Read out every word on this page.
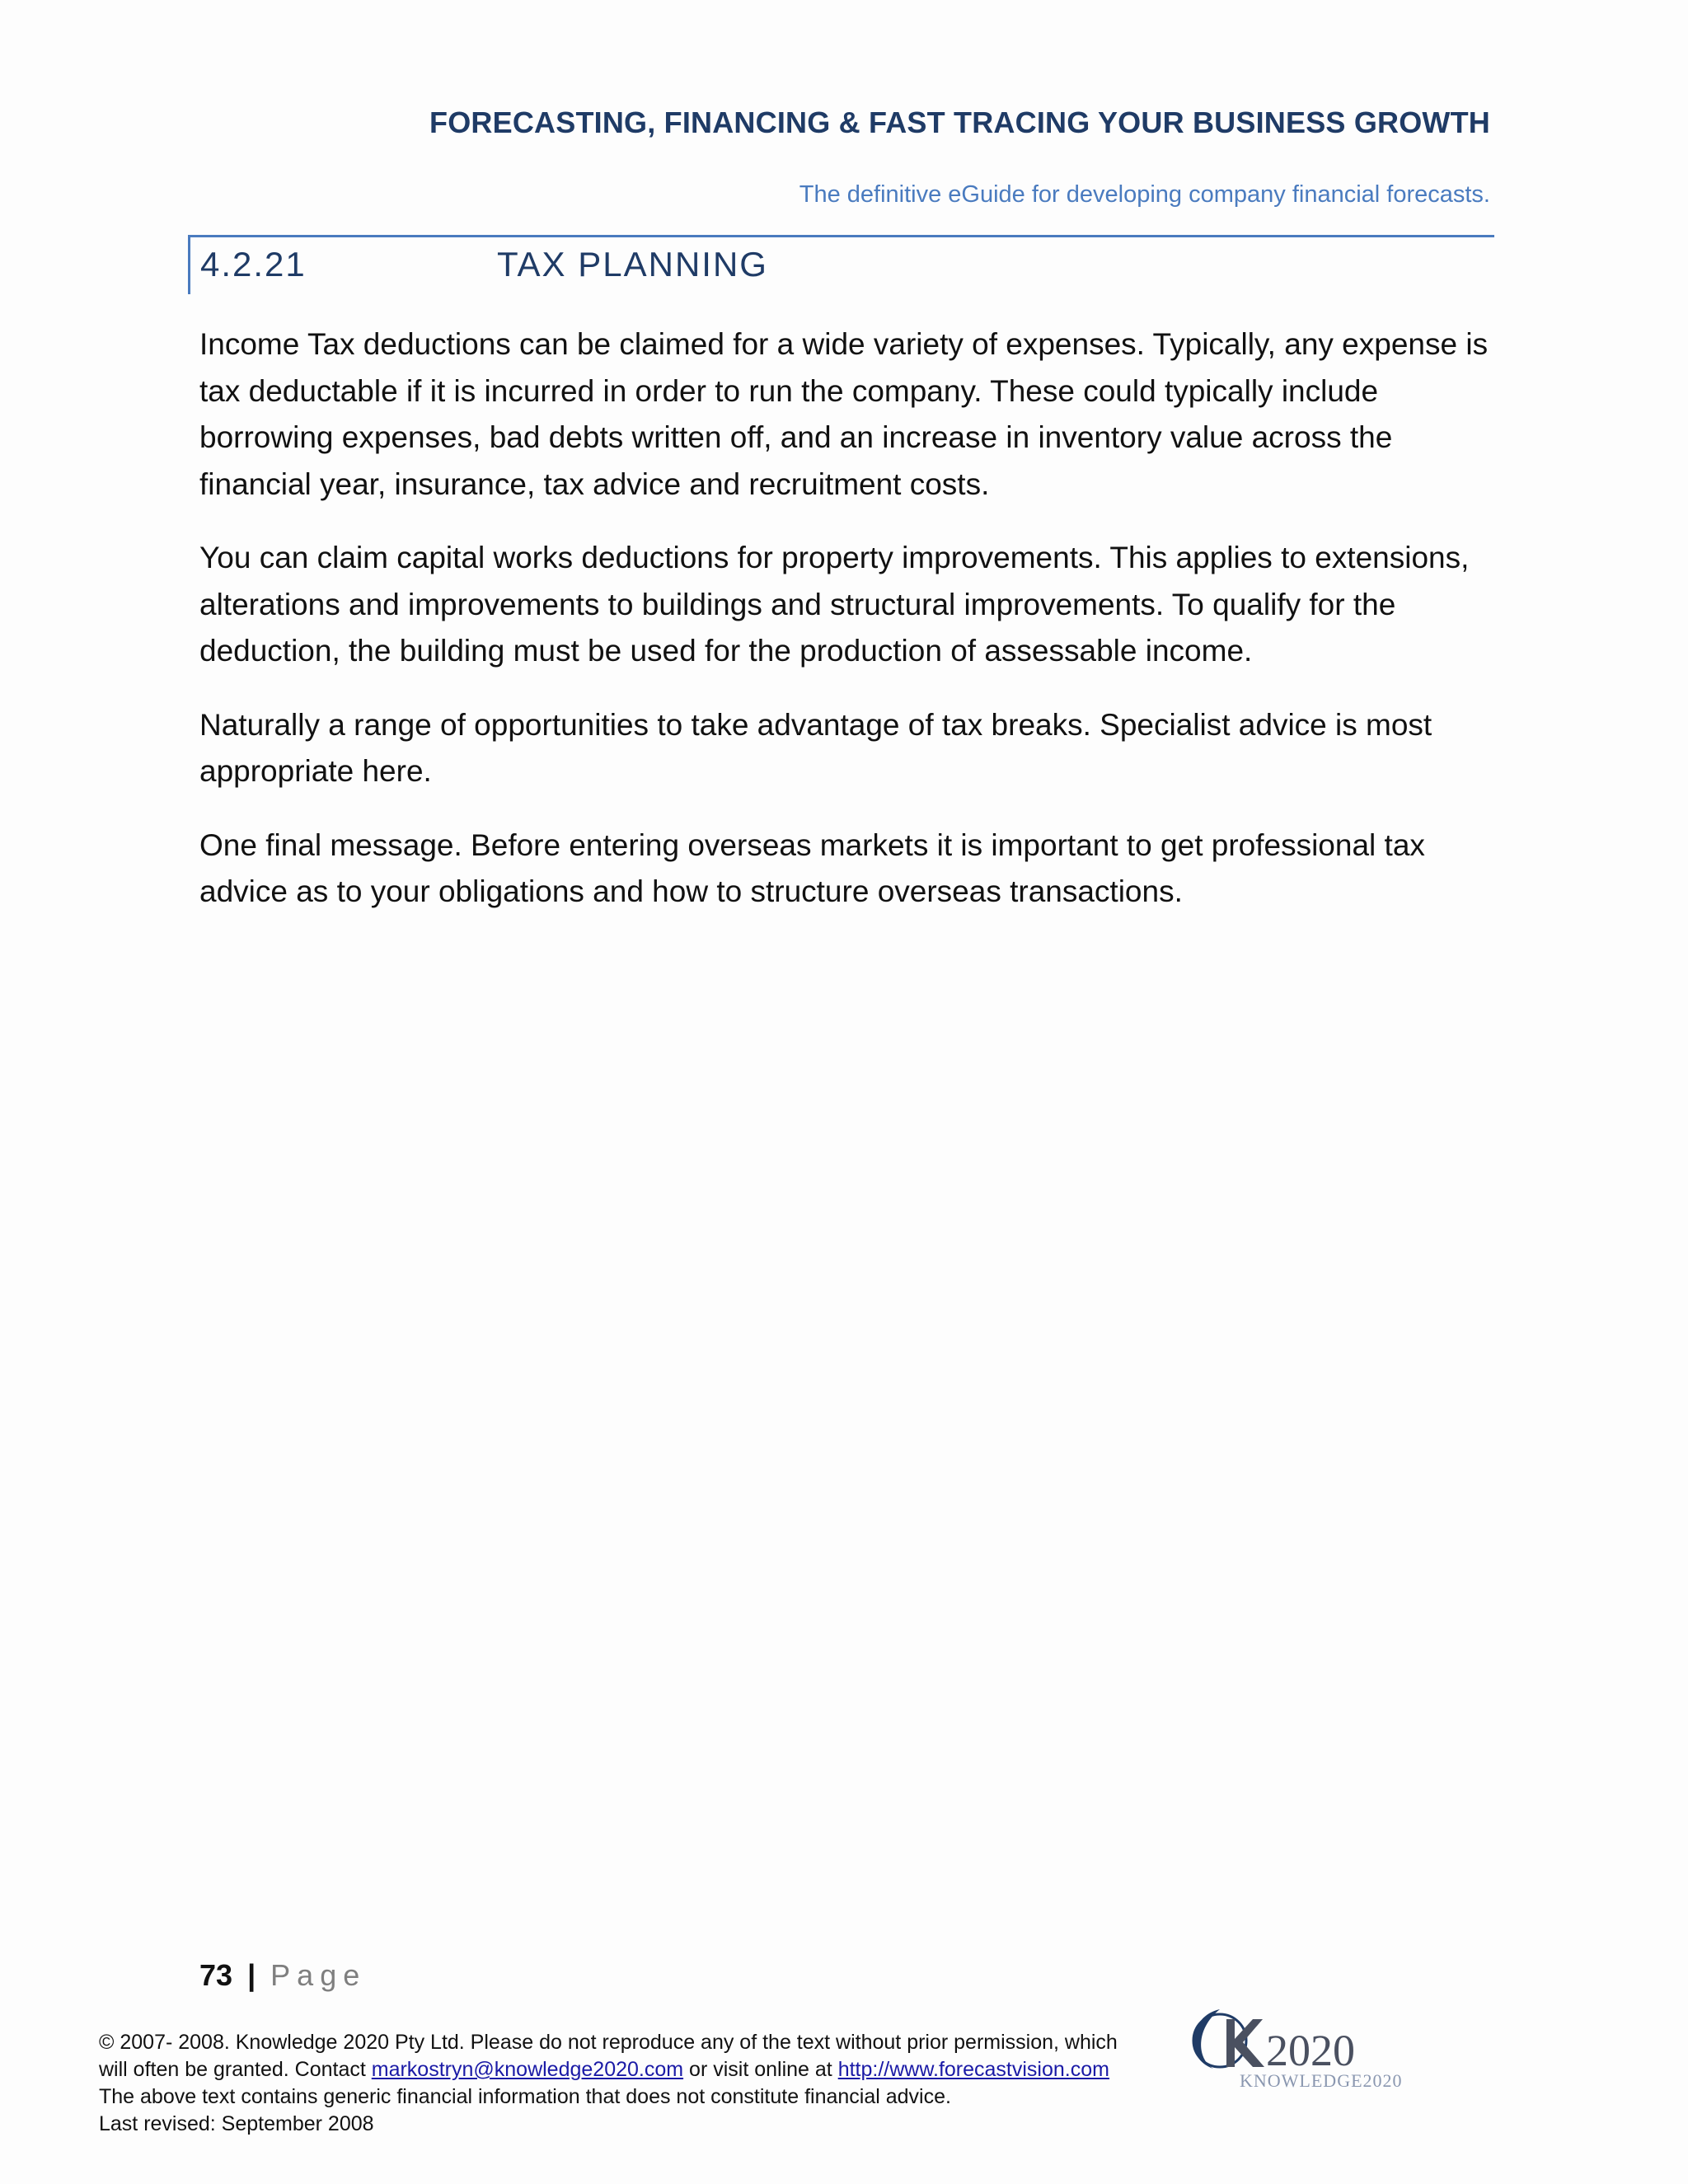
FORECASTING, FINANCING & FAST TRACING YOUR BUSINESS GROWTH
The definitive eGuide for developing company financial forecasts.
4.2.21	TAX PLANNING

Income Tax deductions can be claimed for a wide variety of expenses. Typically, any expense is tax deductable if it is incurred in order to run the company. These could typically include borrowing expenses, bad debts written off, and an increase in inventory value across the financial year, insurance, tax advice and recruitment costs.

You can claim capital works deductions for property improvements. This applies to extensions, alterations and improvements to buildings and structural improvements. To qualify for the deduction, the building must be used for the production of assessable income.

Naturally a range of opportunities to take advantage of tax breaks. Specialist advice is most appropriate here.

One final message. Before entering overseas markets it is important to get professional tax advice as to your obligations and how to structure overseas transactions.

73 | Page
© 2007- 2008. Knowledge 2020 Pty Ltd. Please do not reproduce any of the text without prior permission, which
will often be granted. Contact markostryn@knowledge2020.com or visit online at http://www.forecastvision.com
The above text contains generic financial information that does not constitute financial advice.
Last revised: September 2008
2020
KNOWLEDGE2020
